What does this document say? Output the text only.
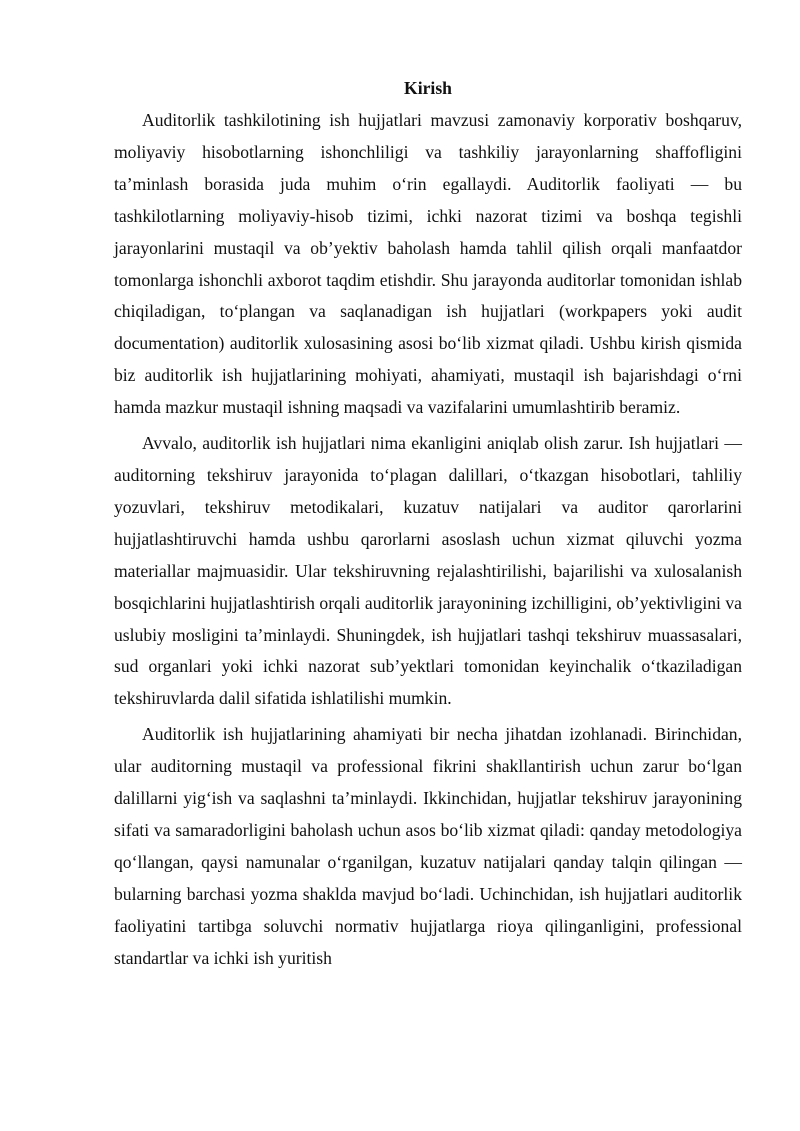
Kirish

Auditorlik tashkilotining ish hujjatlari mavzusi zamonaviy korporativ boshqaruv, moliyaviy hisobotlarning ishonchliligi va tashkiliy jarayonlarning shaffofligini ta’minlash borasida juda muhim o‘rin egallaydi. Auditorlik faoliyati — bu tashkilotlarning moliyaviy-hisob tizimi, ichki nazorat tizimi va boshqa tegishli jarayonlarini mustaqil va ob’yektiv baholash hamda tahlil qilish orqali manfaatdor tomonlarga ishonchli axborot taqdim etishdir. Shu jarayonda auditorlar tomonidan ishlab chiqiladigan, to‘plangan va saqlanadigan ish hujjatlari (workpapers yoki audit documentation) auditorlik xulosasining asosi bo‘lib xizmat qiladi. Ushbu kirish qismida biz auditorlik ish hujjatlarining mohiyati, ahamiyati, mustaqil ish bajarishdagi o‘rni hamda mazkur mustaqil ishning maqsadi va vazifalarini umumlashtirib beramiz.

Avvalo, auditorlik ish hujjatlari nima ekanligini aniqlab olish zarur. Ish hujjatlari — auditorning tekshiruv jarayonida to‘plagan dalillari, o‘tkazgan hisobotlari, tahliliy yozuvlari, tekshiruv metodikalari, kuzatuv natijalari va auditor qarorlarini hujjatlashtiruvchi hamda ushbu qarorlarni asoslash uchun xizmat qiluvchi yozma materiallar majmuasidir. Ular tekshiruvning rejalashtirilishi, bajarilishi va xulosalanish bosqichlarini hujjatlashtirish orqali auditorlik jarayonining izchilligini, ob’yektivligini va uslubiy mosligini ta’minlaydi. Shuningdek, ish hujjatlari tashqi tekshiruv muassasalari, sud organlari yoki ichki nazorat sub’yektlari tomonidan keyinchalik o‘tkaziladigan tekshiruvlarda dalil sifatida ishlatilishi mumkin.

Auditorlik ish hujjatlarining ahamiyati bir necha jihatdan izohlanadi. Birinchidan, ular auditorning mustaqil va professional fikrini shakllantirish uchun zarur bo‘lgan dalillarni yig‘ish va saqlashni ta’minlaydi. Ikkinchidan, hujjatlar tekshiruv jarayonining sifati va samaradorligini baholash uchun asos bo‘lib xizmat qiladi: qanday metodologiya qo‘llangan, qaysi namunalar o‘rganilgan, kuzatuv natijalari qanday talqin qilingan — bularning barchasi yozma shaklda mavjud bo‘ladi. Uchinchidan, ish hujjatlari auditorlik faoliyatini tartibga soluvchi normativ hujjatlarga rioya qilinganligini, professional standartlar va ichki ish yuritish
